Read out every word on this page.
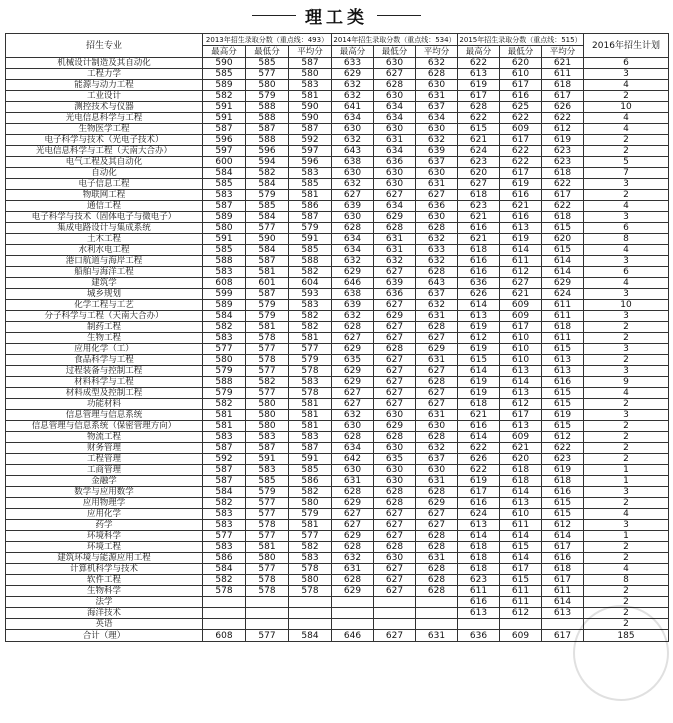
理工类
招生专业	2013年招生录取分数（重点线：493）			2014年招生录取分数（重点线：534）			2015年招生录取分数（重点线：515）			2016年招生计划
	最高分	最低分	平均分	最高分	最低分	平均分	最高分	最低分	平均分	
机械设计制造及其自动化	590	585	587	633	630	632	622	620	621	6
工程力学	585	577	580	629	627	628	613	610	611	3
能源与动力工程	589	580	583	632	628	630	619	617	618	4
工业设计	582	579	581	632	630	631	617	616	617	2
测控技术与仪器	591	588	590	641	634	637	628	625	626	10
光电信息科学与工程	591	588	590	634	634	634	622	622	622	4
生物医学工程	587	587	587	630	630	630	615	609	612	4
电子科学与技术（光电子技术）	596	588	592	632	631	632	621	617	619	2
光电信息科学与工程（天南大合办）	597	596	597	643	634	639	624	622	623	2
电气工程及其自动化	600	594	596	638	636	637	623	622	623	5
自动化	584	582	583	630	630	630	620	617	618	7
电子信息工程	585	584	585	632	630	631	627	619	622	3
物联网工程	583	579	581	627	627	627	618	616	617	2
通信工程	587	585	586	639	634	636	623	621	622	4
电子科学与技术（固体电子与微电子）	589	584	587	630	629	630	621	616	618	3
集成电路设计与集成系统	580	577	579	628	628	628	616	613	615	6
土木工程	591	590	591	634	631	632	621	619	620	8
水利水电工程	585	584	585	634	631	633	618	614	615	4
港口航道与海岸工程	588	587	588	632	632	632	616	611	614	3
船舶与海洋工程	583	581	582	629	627	628	616	612	614	6
建筑学	608	601	604	646	639	643	636	627	629	4
城乡规划	599	587	593	638	636	637	626	621	624	3
化学工程与工艺	589	579	583	639	627	632	614	609	611	10
分子科学与工程（天南大合办）	584	579	582	632	629	631	613	609	611	3
制药工程	582	581	582	628	627	628	619	617	618	2
生物工程	583	578	581	627	627	627	612	610	611	2
应用化学（工）	577	577	577	629	628	629	619	610	615	3
食品科学与工程	580	578	579	635	627	631	615	610	613	2
过程装备与控制工程	579	577	578	629	627	627	614	613	613	3
材料科学与工程	588	582	583	629	627	628	619	614	616	9
材料成型及控制工程	579	577	578	627	627	627	619	613	615	4
功能材料	582	580	581	627	627	627	618	612	615	2
信息管理与信息系统	581	580	581	632	630	631	621	617	619	3
信息管理与信息系统（保密管理方向）	581	580	581	630	629	630	616	613	615	2
物流工程	583	583	583	628	628	628	614	609	612	2
财务管理	587	587	587	634	630	632	622	621	622	2
工程管理	592	591	591	642	635	637	626	620	623	2
工商管理	587	583	585	630	630	630	622	618	619	1
金融学	587	585	586	631	630	631	619	618	618	1
数学与应用数学	584	579	582	628	628	628	617	614	616	3
应用物理学	582	577	580	629	628	629	616	613	615	2
应用化学	583	577	579	627	627	627	624	610	615	4
药学	583	578	581	627	627	627	613	611	612	3
环境科学	577	577	577	629	627	628	614	614	614	1
环境工程	583	581	582	628	628	628	618	615	617	2
建筑环境与能源应用工程	586	580	583	632	630	631	618	614	616	2
计算机科学与技术	584	577	578	631	627	628	618	617	618	4
软件工程	582	578	580	628	627	628	623	615	617	8
生物科学	578	578	578	629	627	628	611	611	611	2
法学							616	611	614	2
海洋技术							613	612	613	2
英语										2
合计（理）	608	577	584	646	627	631	636	609	617	185
